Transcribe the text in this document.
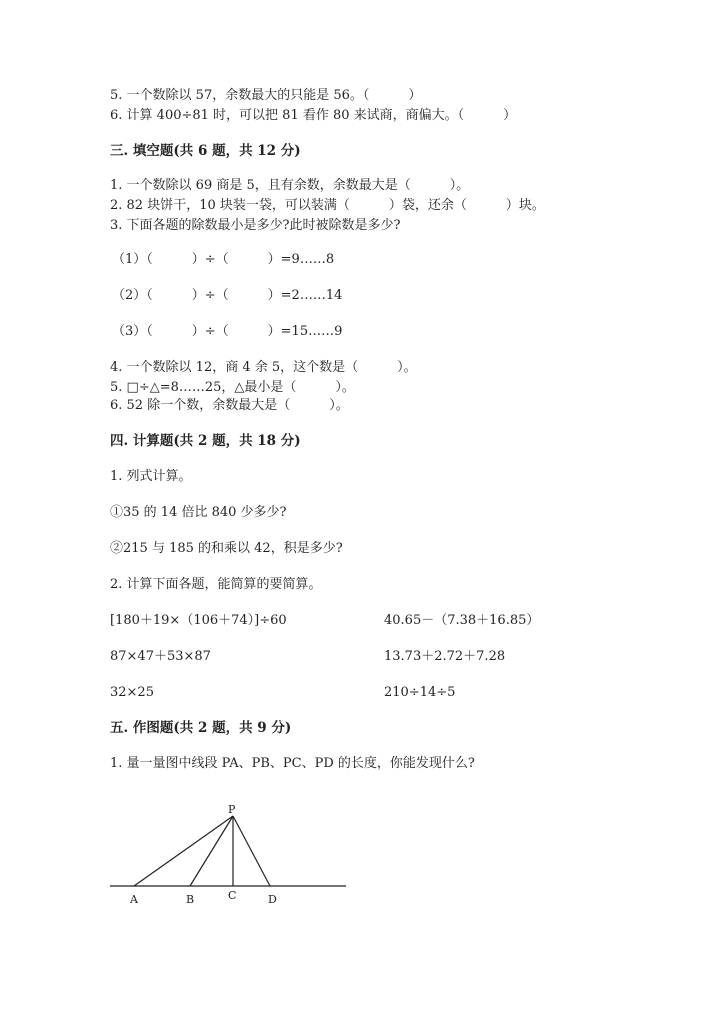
5. 一个数除以 57，余数最大的只能是 56。（　　　）
6. 计算 400÷81 时，可以把 81 看作 80 来试商，商偏大。（　　　）
三. 填空题(共 6 题，共 12 分)
1. 一个数除以 69 商是 5，且有余数，余数最大是（　　　）。
2. 82 块饼干，10 块装一袋，可以装满（　　　）袋，还余（　　　）块。
3. 下面各题的除数最小是多少?此时被除数是多少?
（1）（　　　）÷（　　　）=9……8
（2）（　　　）÷（　　　）=2……14
（3）（　　　）÷（　　　）=15……9
4. 一个数除以 12，商 4 余 5，这个数是（　　　）。
5. □÷△=8……25，△最小是（　　　）。
6. 52 除一个数，余数最大是（　　　）。
四. 计算题(共 2 题，共 18 分)
1. 列式计算。
①35 的 14 倍比 840 少多少?
②215 与 185 的和乘以 42，积是多少?
2. 计算下面各题，能简算的要简算。
[180＋19×（106＋74）]÷60	40.65－（7.38＋16.85）
87×47＋53×87	13.73＋2.72＋7.28
32×25	210÷14÷5
五. 作图题(共 2 题，共 9 分)
1. 量一量图中线段 PA、PB、PC、PD 的长度，你能发现什么?
P
A	B	C	D
